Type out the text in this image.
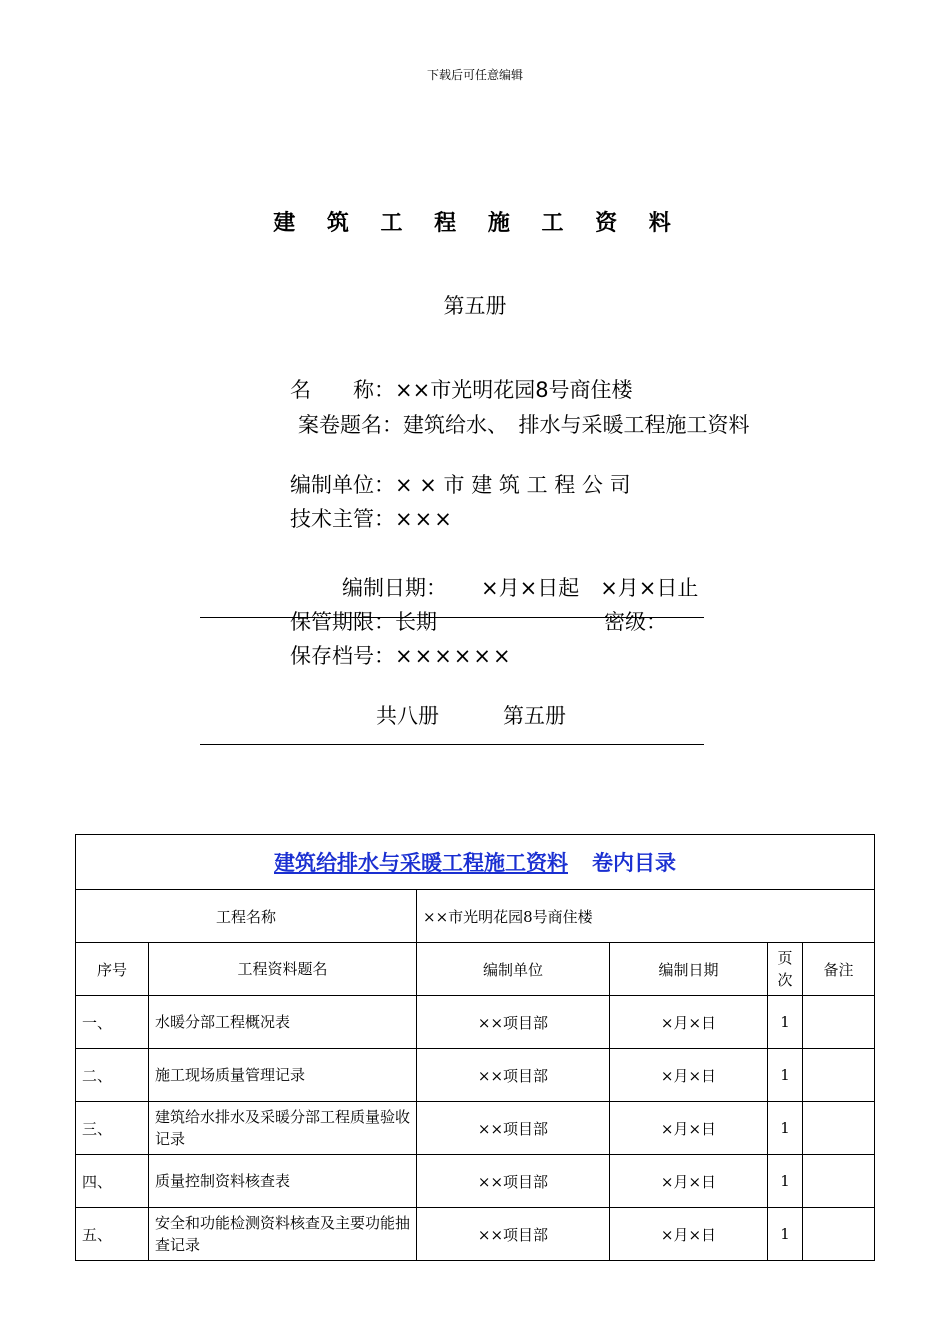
下载后可任意编辑
建 筑 工 程 施 工 资 料
第五册
名　　称：××市光明花园8号商住楼
案卷题名：建筑给水、　排水与采暖工程施工资料
编制单位：× × 市 建 筑 工 程 公 司
技术主管：×××
编制日期： ×月×日起　×月×日止
保管期限：长期	密级：
保存档号：××××××
共八册	第五册
建筑给排水与采暖工程施工资料 卷内目录					
工程名称		××市光明花园8号商住楼			
序号	工程资料题名	编制单位	编制日期	页次	备注
一、	水暖分部工程概况表	××项目部	×月×日	1	
二、	施工现场质量管理记录	××项目部	×月×日	1	
三、	建筑给水排水及采暖分部工程质量验收记录	××项目部	×月×日	1	
四、	质量控制资料核查表	××项目部	×月×日	1	
五、	安全和功能检测资料核查及主要功能抽查记录	××项目部	×月×日	1	
